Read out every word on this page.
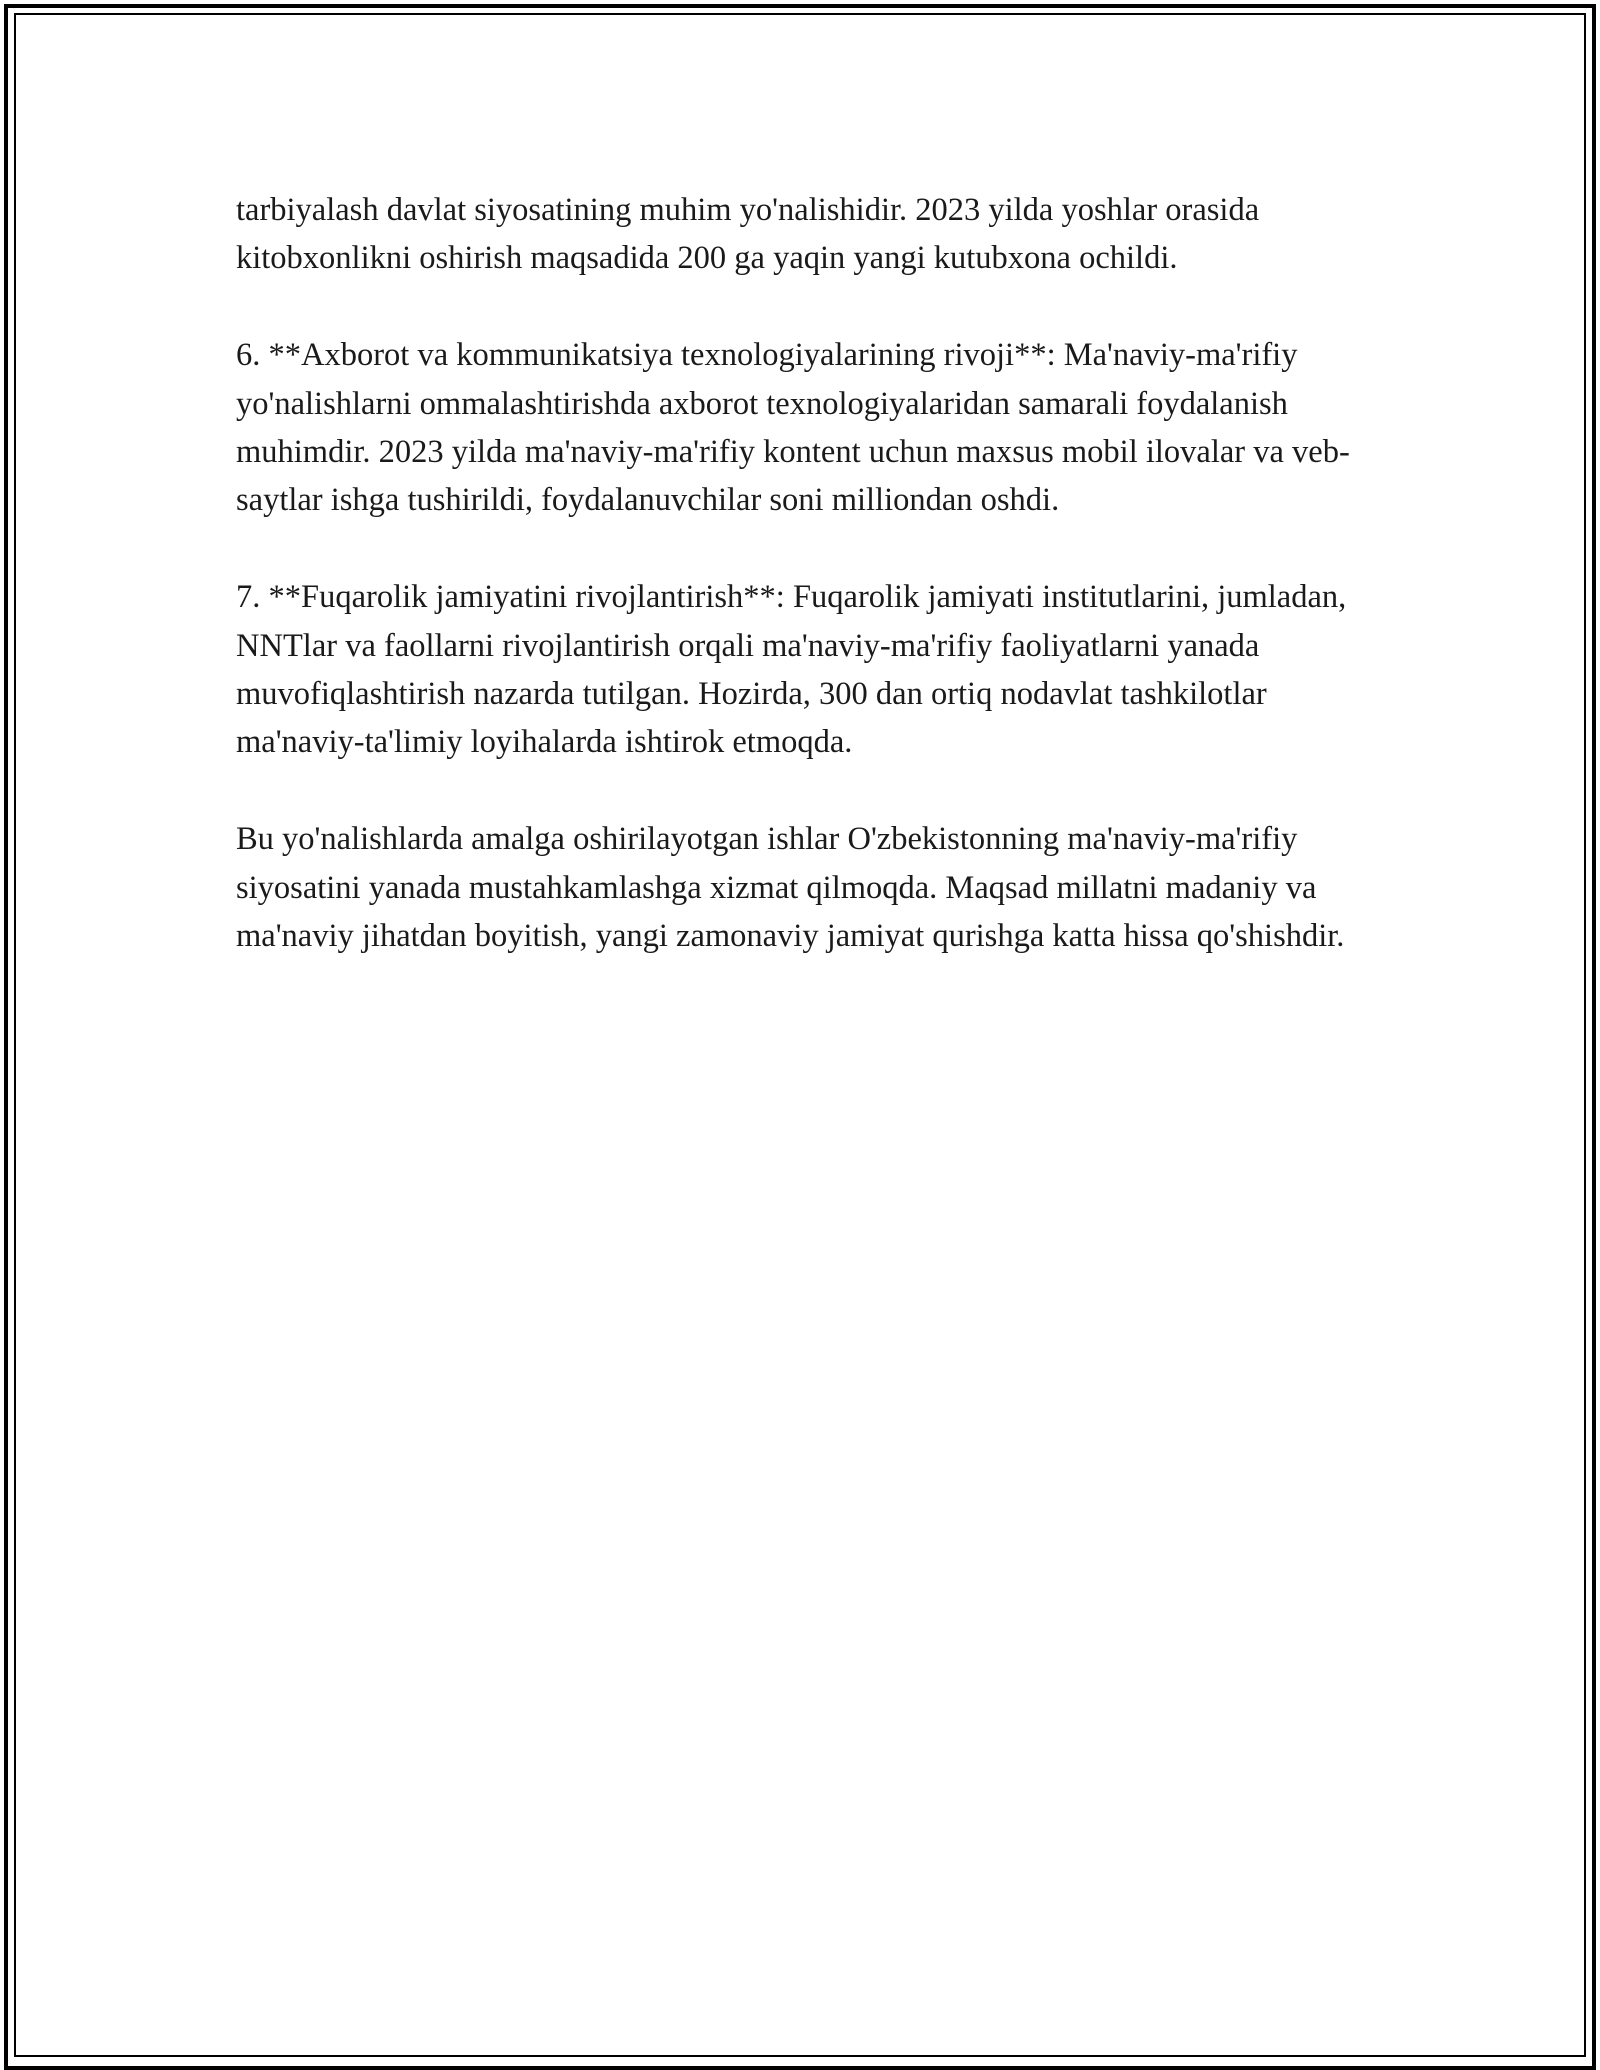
tarbiyalash davlat siyosatining muhim yo'nalishidir. 2023 yilda yoshlar orasida kitobxonlikni oshirish maqsadida 200 ga yaqin yangi kutubxona ochildi.

6. **Axborot va kommunikatsiya texnologiyalarining rivoji**: Ma'naviy-ma'rifiy yo'nalishlarni ommalashtirishda axborot texnologiyalaridan samarali foydalanish muhimdir. 2023 yilda ma'naviy-ma'rifiy kontent uchun maxsus mobil ilovalar va veb-saytlar ishga tushirildi, foydalanuvchilar soni milliondan oshdi.

7. **Fuqarolik jamiyatini rivojlantirish**: Fuqarolik jamiyati institutlarini, jumladan, NNTlar va faollarni rivojlantirish orqali ma'naviy-ma'rifiy faoliyatlarni yanada muvofiqlashtirish nazarda tutilgan. Hozirda, 300 dan ortiq nodavlat tashkilotlar ma'naviy-ta'limiy loyihalarda ishtirok etmoqda.

Bu yo'nalishlarda amalga oshirilayotgan ishlar O'zbekistonning ma'naviy-ma'rifiy siyosatini yanada mustahkamlashga xizmat qilmoqda. Maqsad millatni madaniy va ma'naviy jihatdan boyitish, yangi zamonaviy jamiyat qurishga katta hissa qo'shishdir.
